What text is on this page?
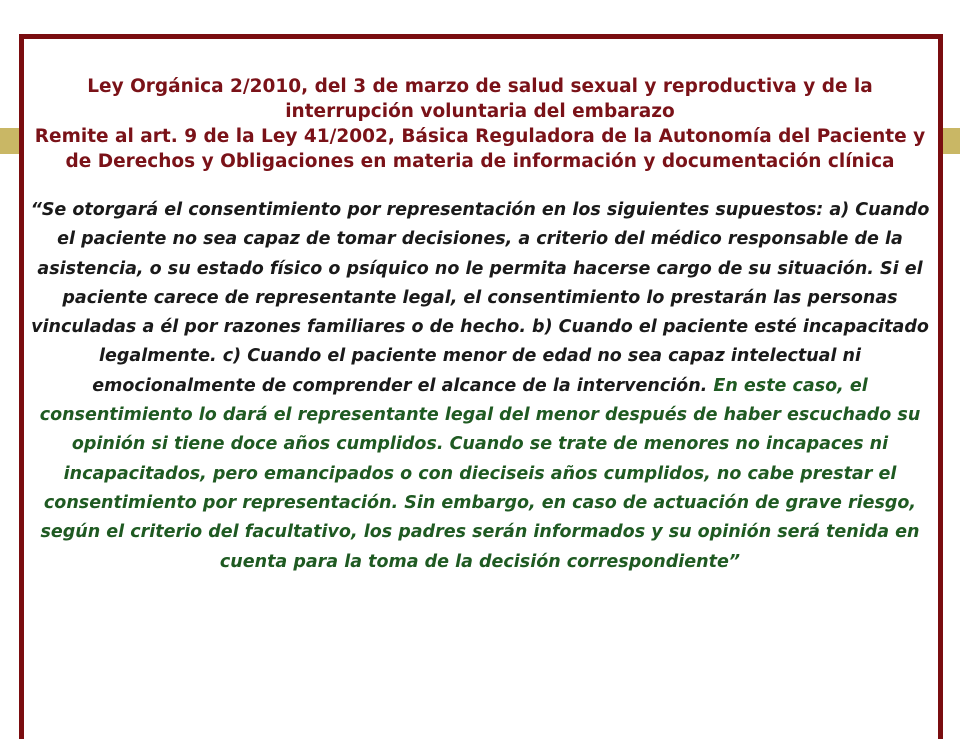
Ley Orgánica 2/2010, del 3 de marzo de salud sexual y reproductiva y de la interrupción voluntaria del embarazo

Remite al art. 9 de la Ley 41/2002, Básica Reguladora de la Autonomía del Paciente y de Derechos y Obligaciones en materia de información y documentación clínica

“Se otorgará el consentimiento por representación en los siguientes supuestos: a) Cuando el paciente no sea capaz de tomar decisiones, a criterio del médico responsable de la asistencia, o su estado físico o psíquico no le permita hacerse cargo de su situación. Si el paciente carece de representante legal, el consentimiento lo prestarán las personas vinculadas a él por razones familiares o de hecho. b) Cuando el paciente esté incapacitado legalmente. c) Cuando el paciente menor de edad no sea capaz intelectual ni emocionalmente de comprender el alcance de la intervención. En este caso, el consentimiento lo dará el representante legal del menor después de haber escuchado su opinión si tiene doce años cumplidos. Cuando se trate de menores no incapaces ni incapacitados, pero emancipados o con dieciseis años cumplidos, no cabe prestar el consentimiento por representación. Sin embargo, en caso de actuación de grave riesgo, según el criterio del facultativo, los padres serán informados y su opinión será tenida en cuenta para la toma de la decisión correspondiente”
